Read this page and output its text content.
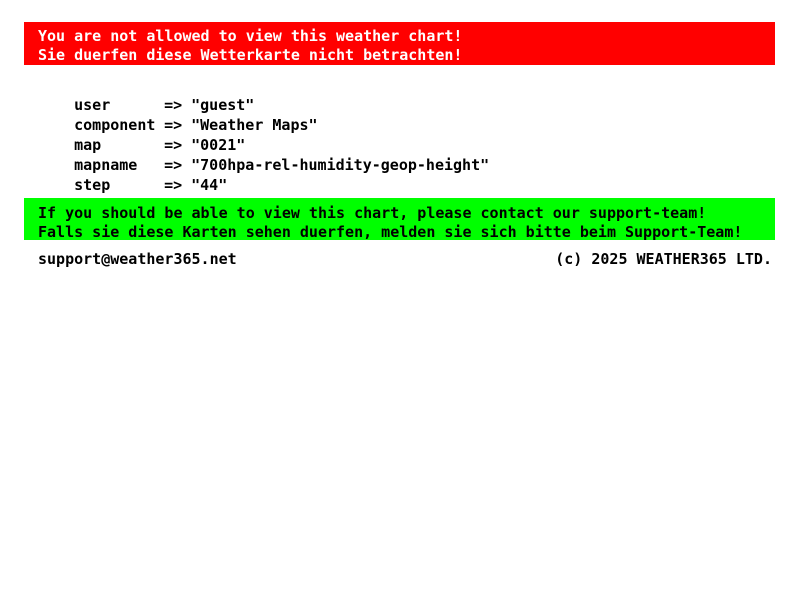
You are not allowed to view this weather chart!
Sie duerfen diese Wetterkarte nicht betrachten!

user	=> "guest"

component => "Weather Maps"

map	=> "0021"

mapname => "700hpa-rel-humidity-geop-height"

step	=> "44"

If you should be able to view this chart, please contact our support-team!
Falls sie diese Karten sehen duerfen, melden sie sich bitte beim Support-Team!
support@weather365.net	(c) 2025 WEATHER365 LTD.
